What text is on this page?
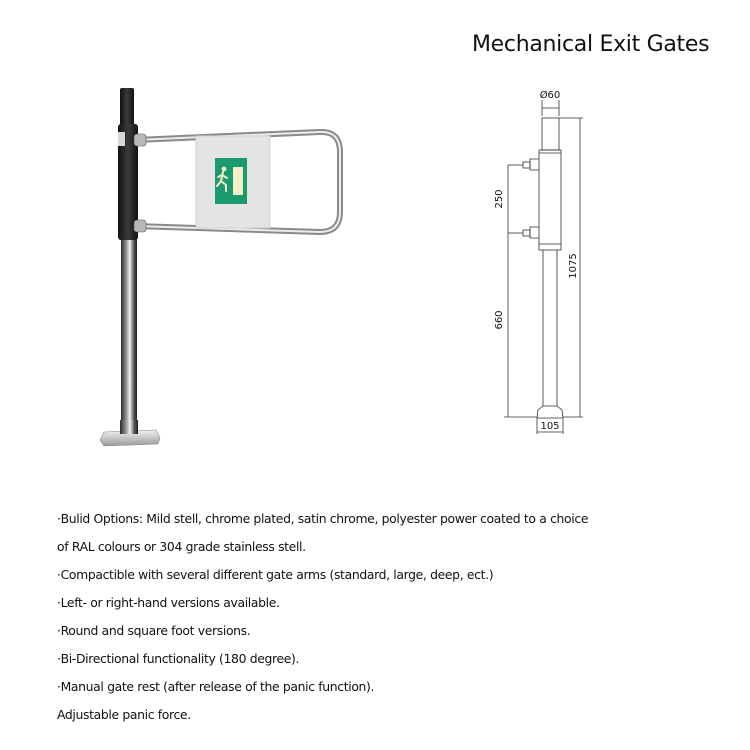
Mechanical Exit Gates
Ø60
250
660
1075
105

·Bulid Options: Mild stell, chrome plated, satin chrome, polyester power coated to a choice

of RAL colours or 304 grade stainless stell.

·Compactible with several different gate arms (standard, large, deep, ect.)

·Left- or right-hand versions available.

·Round and square foot versions.

·Bi-Directional functionality (180 degree).

·Manual gate rest (after release of the panic function).

Adjustable panic force.
